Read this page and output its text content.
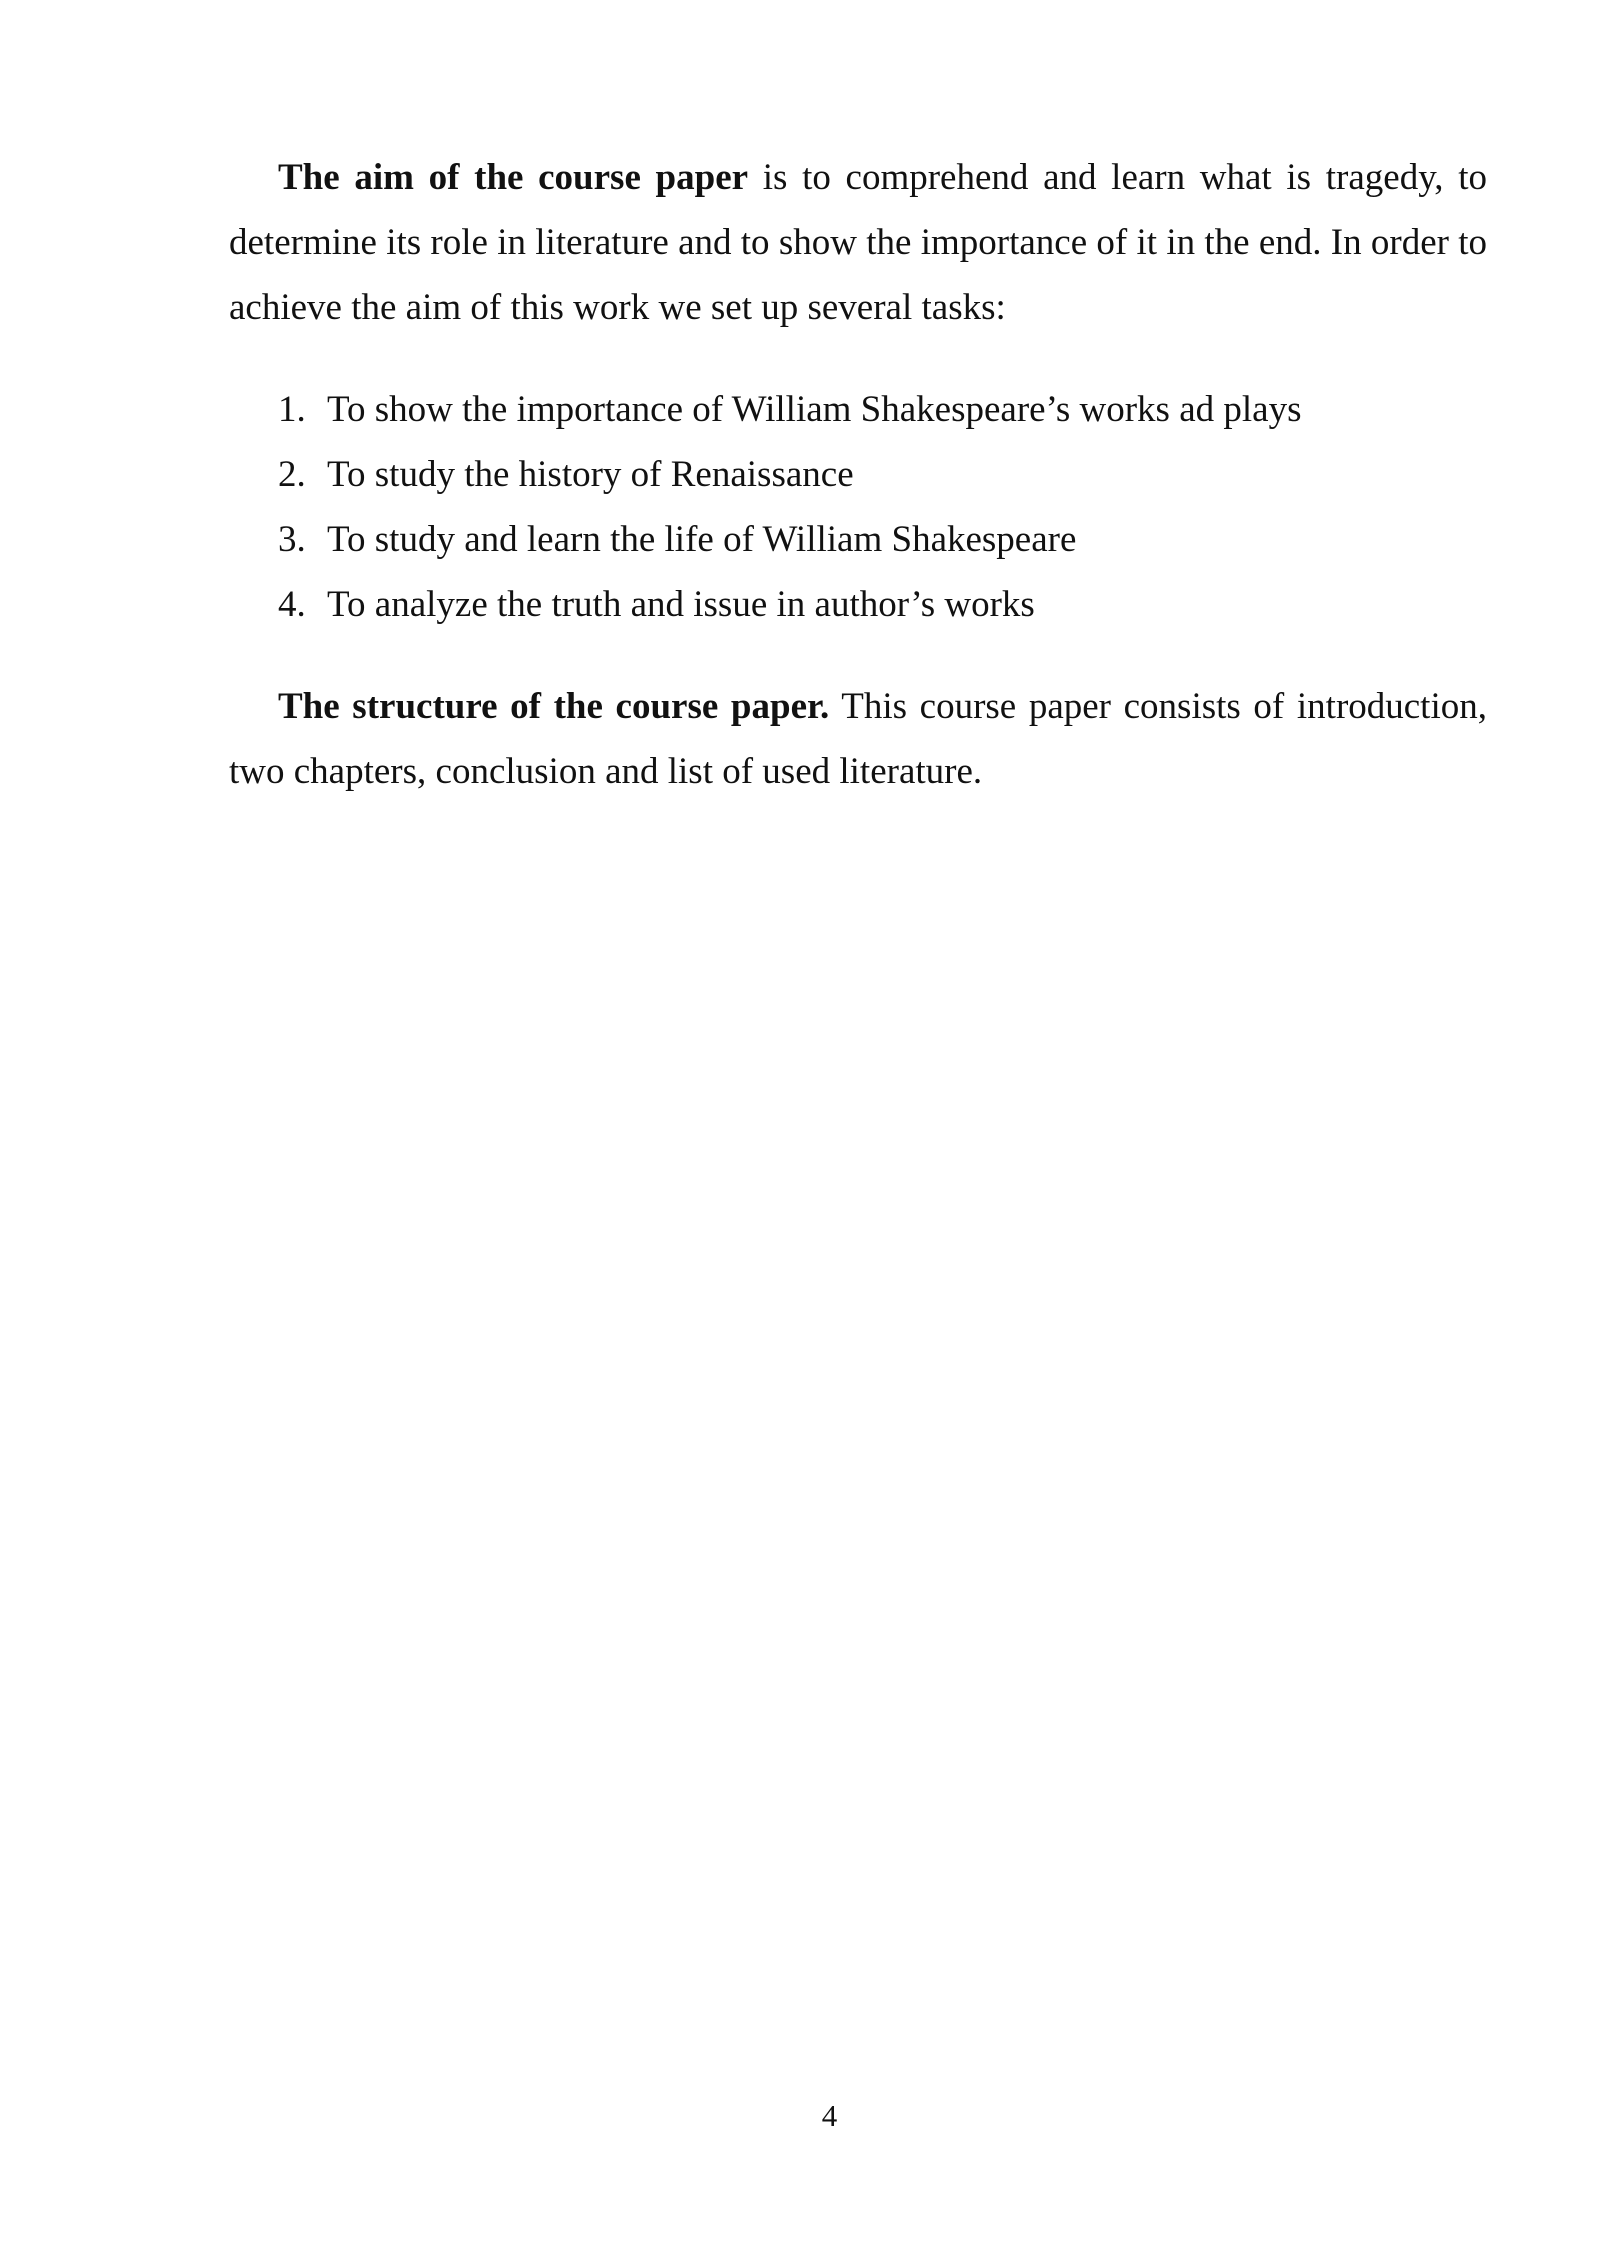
The aim of the course paper is to comprehend and learn what is tragedy, to determine its role in literature and to show the importance of it in the end. In order to achieve the aim of this work we set up several tasks:

1. To show the importance of William Shakespeare’s works ad plays
2. To study the history of Renaissance
3. To study and learn the life of William Shakespeare
4. To analyze the truth and issue in author’s works

The structure of the course paper. This course paper consists of introduction, two chapters, conclusion and list of used literature.

4
